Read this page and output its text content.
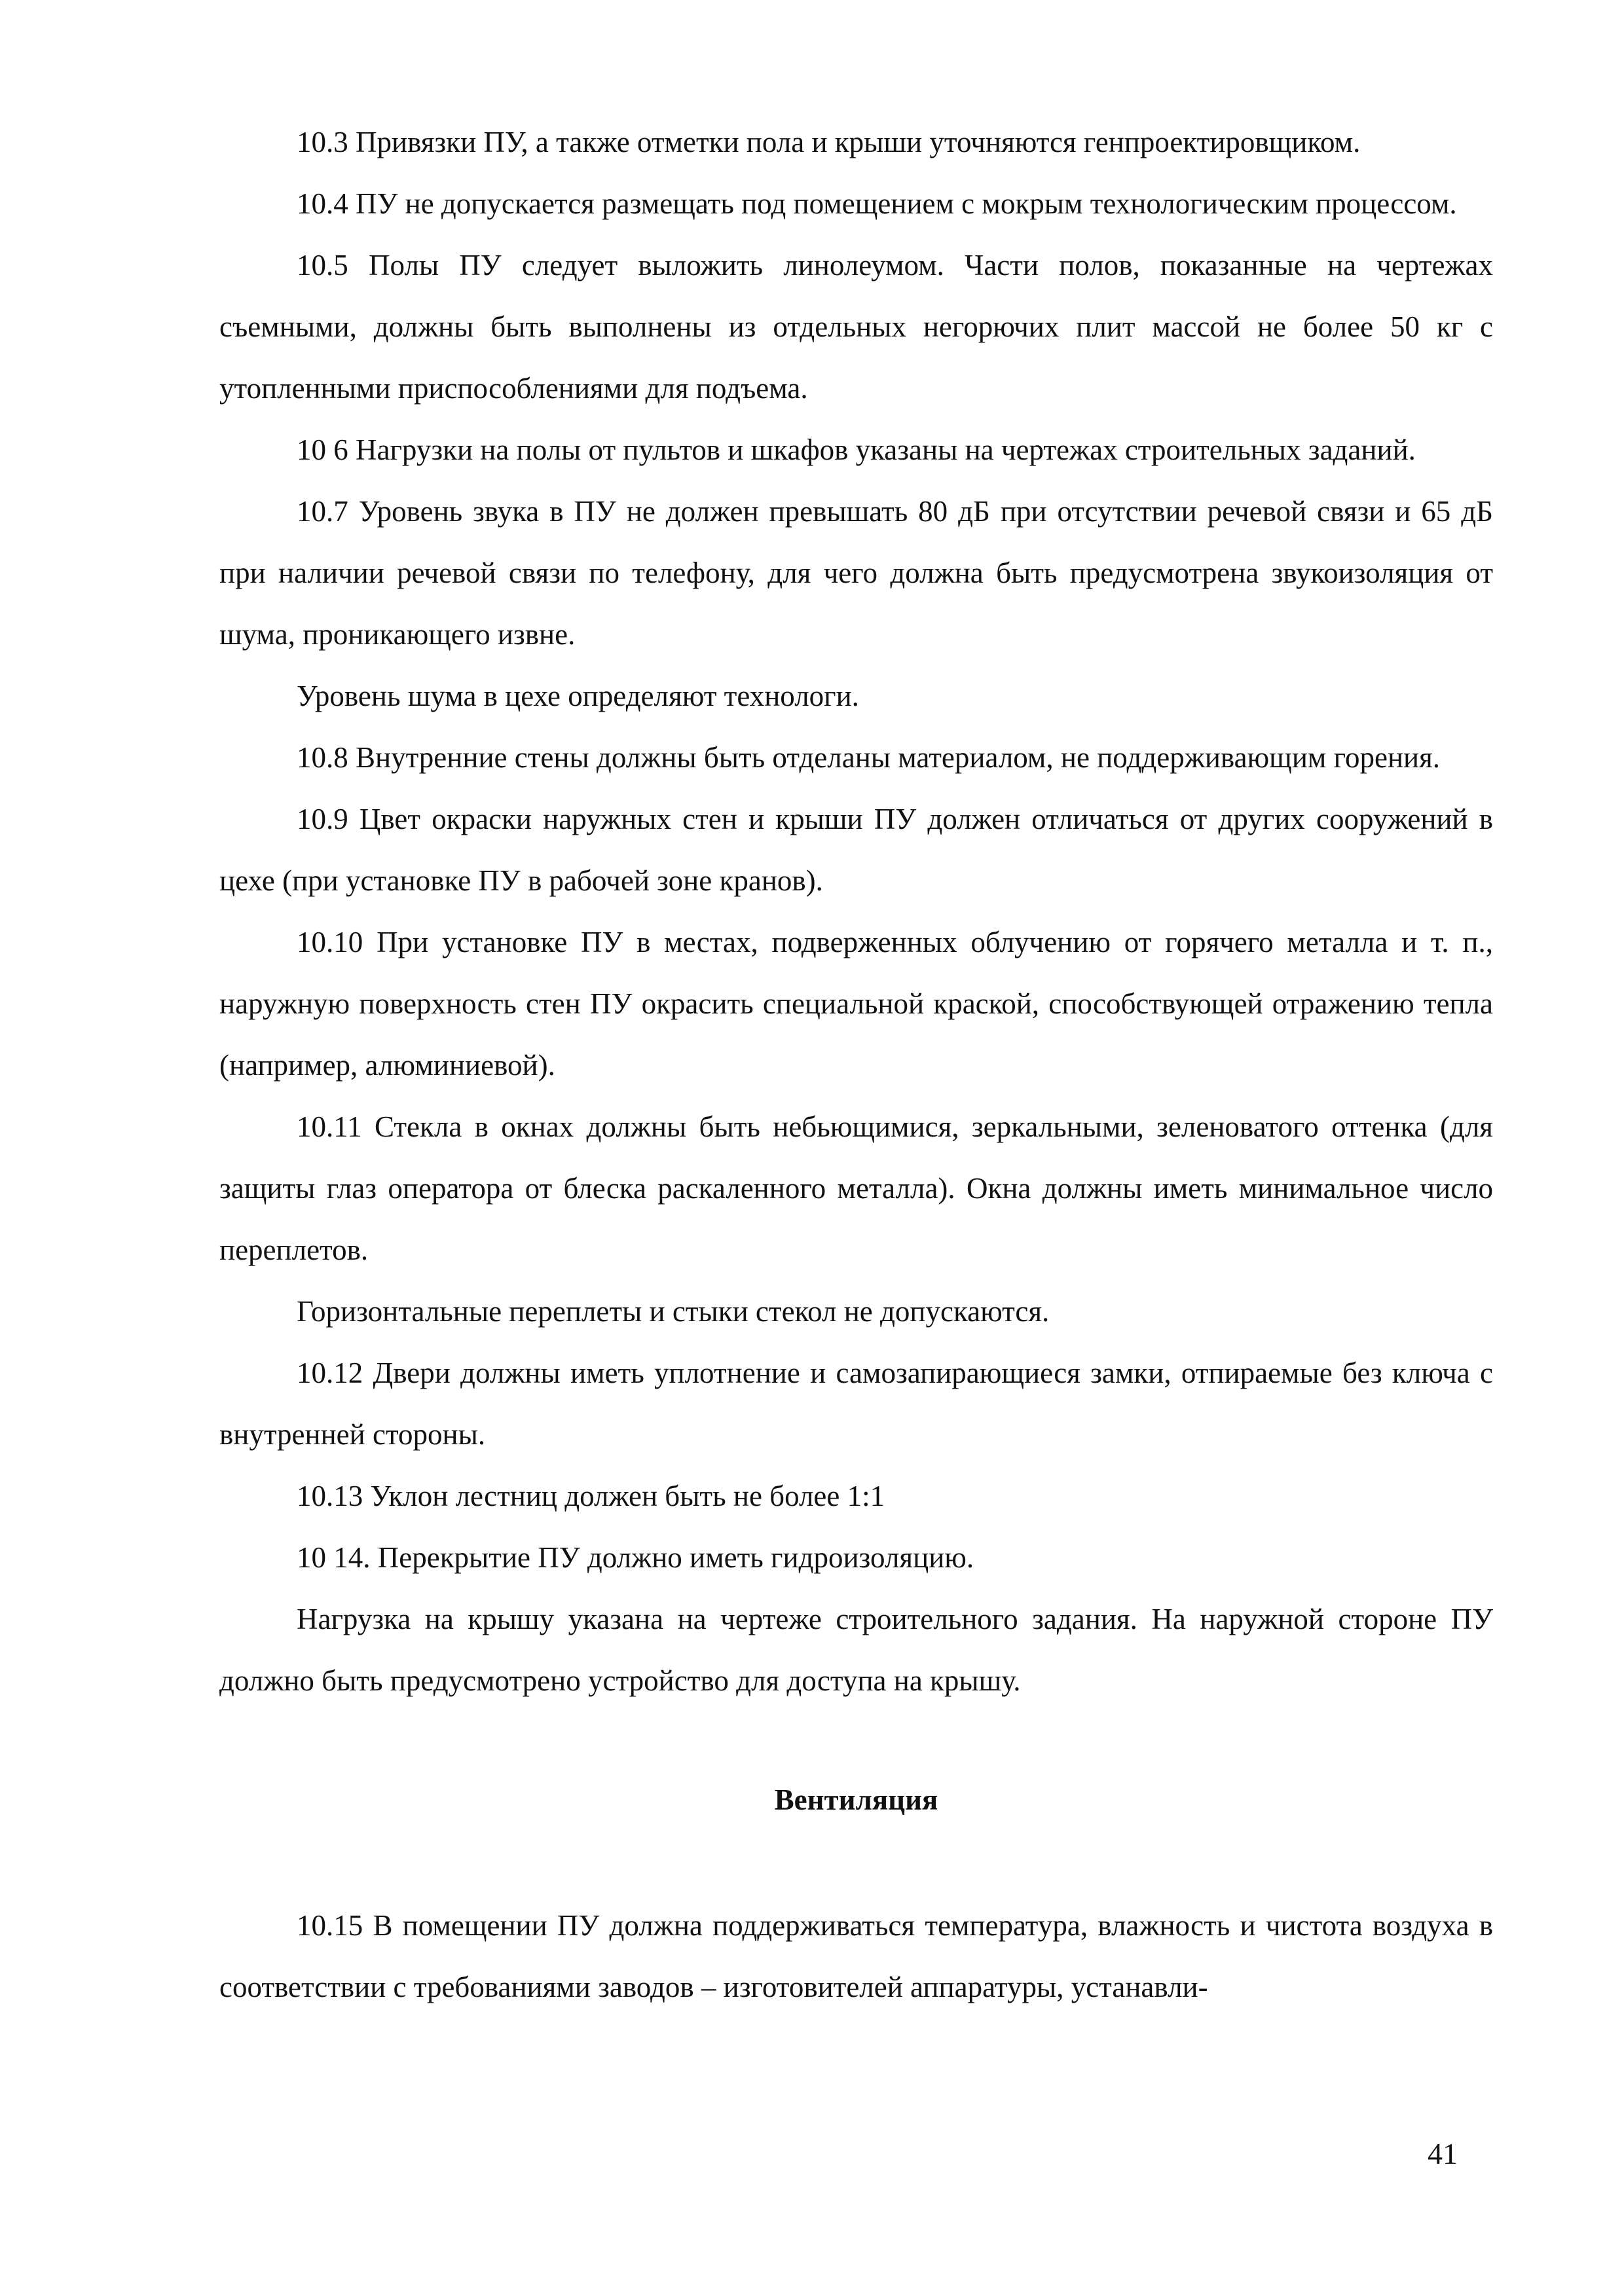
10.3 Привязки ПУ, а также отметки пола и крыши уточняются генпроектировщиком.

10.4 ПУ не допускается размещать под помещением с мокрым технологическим процессом.

10.5 Полы ПУ следует выложить линолеумом. Части полов, показанные на чертежах съемными, должны быть выполнены из отдельных негорючих плит массой не более 50 кг с утопленными приспособлениями для подъема.

10 6 Нагрузки на полы от пультов и шкафов указаны на чертежах строительных заданий.

10.7 Уровень звука в ПУ не должен превышать 80 дБ при отсутствии речевой связи и 65 дБ при наличии речевой связи по телефону, для чего должна быть предусмотрена звукоизоляция от шума, проникающего извне.

Уровень шума в цехе определяют технологи.

10.8 Внутренние стены должны быть отделаны материалом, не поддерживающим горения.

10.9 Цвет окраски наружных стен и крыши ПУ должен отличаться от других сооружений в цехе (при установке ПУ в рабочей зоне кранов).

10.10 При установке ПУ в местах, подверженных облучению от горячего металла и т. п., наружную поверхность стен ПУ окрасить специальной краской, способствующей отражению тепла (например, алюминиевой).

10.11 Стекла в окнах должны быть небьющимися, зеркальными, зеленоватого оттенка (для защиты глаз оператора от блеска раскаленного металла). Окна должны иметь минимальное число переплетов.

Горизонтальные переплеты и стыки стекол не допускаются.

10.12 Двери должны иметь уплотнение и самозапирающиеся замки, отпираемые без ключа с внутренней стороны.

10.13 Уклон лестниц должен быть не более 1:1

10 14. Перекрытие ПУ должно иметь гидроизоляцию.

Нагрузка на крышу указана на чертеже строительного задания. На наружной стороне ПУ должно быть предусмотрено устройство для доступа на крышу.

Вентиляция

10.15 В помещении ПУ должна поддерживаться температура, влажность и чистота воздуха в соответствии с требованиями заводов – изготовителей аппаратуры, устанавли-

41
